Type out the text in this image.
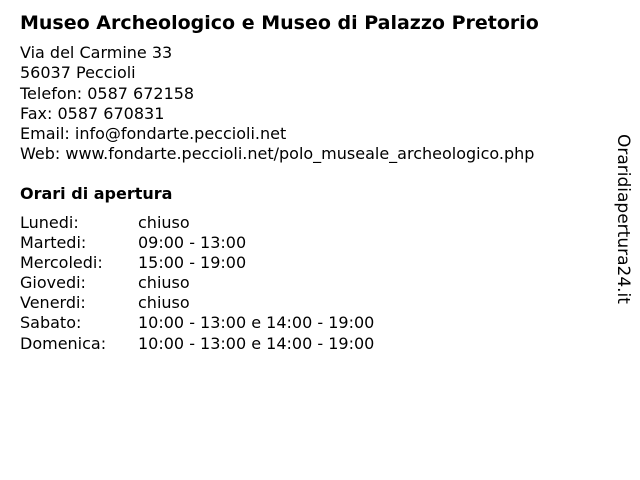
Museo Archeologico e Museo di Palazzo Pretorio
Via del Carmine 33
56037 Peccioli
Telefon: 0587 672158
Fax: 0587 670831
Email: info@fondarte.peccioli.net
Web: www.fondarte.peccioli.net/polo_museale_archeologico.php
Orari di apertura
Lunedi:	chiuso
Martedi:	09:00 - 13:00
Mercoledi: 15:00 - 19:00
Giovedi:	chiuso
Venerdi:	chiuso
Sabato:	10:00 - 13:00 e 14:00 - 19:00
Domenica: 10:00 - 13:00 e 14:00 - 19:00
Oraridiapertura24.it
